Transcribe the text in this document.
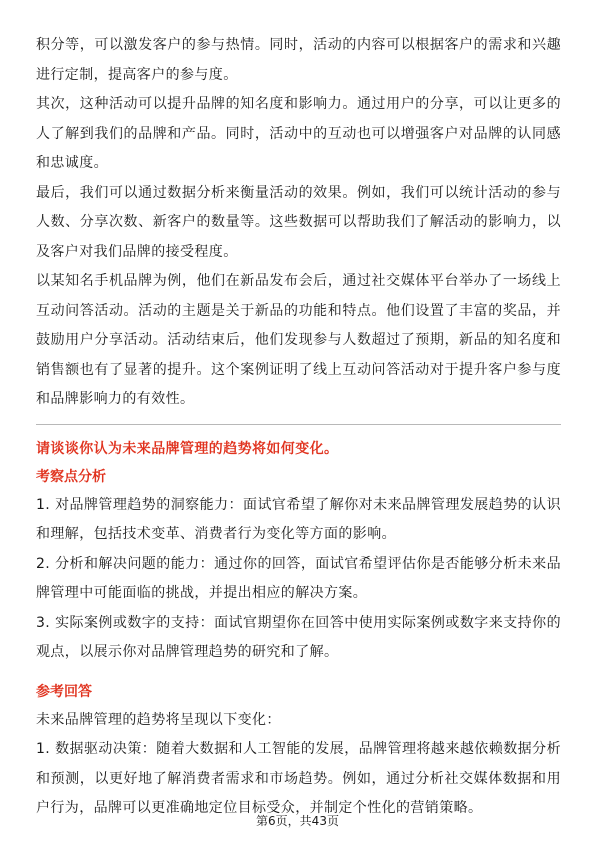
积分等，可以激发客户的参与热情。同时，活动的内容可以根据客户的需求和兴趣进行定制，提高客户的参与度。

其次，这种活动可以提升品牌的知名度和影响力。通过用户的分享，可以让更多的人了解到我们的品牌和产品。同时，活动中的互动也可以增强客户对品牌的认同感和忠诚度。

最后，我们可以通过数据分析来衡量活动的效果。例如，我们可以统计活动的参与人数、分享次数、新客户的数量等。这些数据可以帮助我们了解活动的影响力，以及客户对我们品牌的接受程度。

以某知名手机品牌为例，他们在新品发布会后，通过社交媒体平台举办了一场线上互动问答活动。活动的主题是关于新品的功能和特点。他们设置了丰富的奖品，并鼓励用户分享活动。活动结束后，他们发现参与人数超过了预期，新品的知名度和销售额也有了显著的提升。这个案例证明了线上互动问答活动对于提升客户参与度和品牌影响力的有效性。

请谈谈你认为未来品牌管理的趋势将如何变化。

考察点分析

1. 对品牌管理趋势的洞察能力：面试官希望了解你对未来品牌管理发展趋势的认识和理解，包括技术变革、消费者行为变化等方面的影响。

2. 分析和解决问题的能力：通过你的回答，面试官希望评估你是否能够分析未来品牌管理中可能面临的挑战，并提出相应的解决方案。

3. 实际案例或数字的支持：面试官期望你在回答中使用实际案例或数字来支持你的观点，以展示你对品牌管理趋势的研究和了解。

参考回答

未来品牌管理的趋势将呈现以下变化：

1. 数据驱动决策：随着大数据和人工智能的发展，品牌管理将越来越依赖数据分析和预测，以更好地了解消费者需求和市场趋势。例如，通过分析社交媒体数据和用户行为，品牌可以更准确地定位目标受众，并制定个性化的营销策略。

第6页，共43页
